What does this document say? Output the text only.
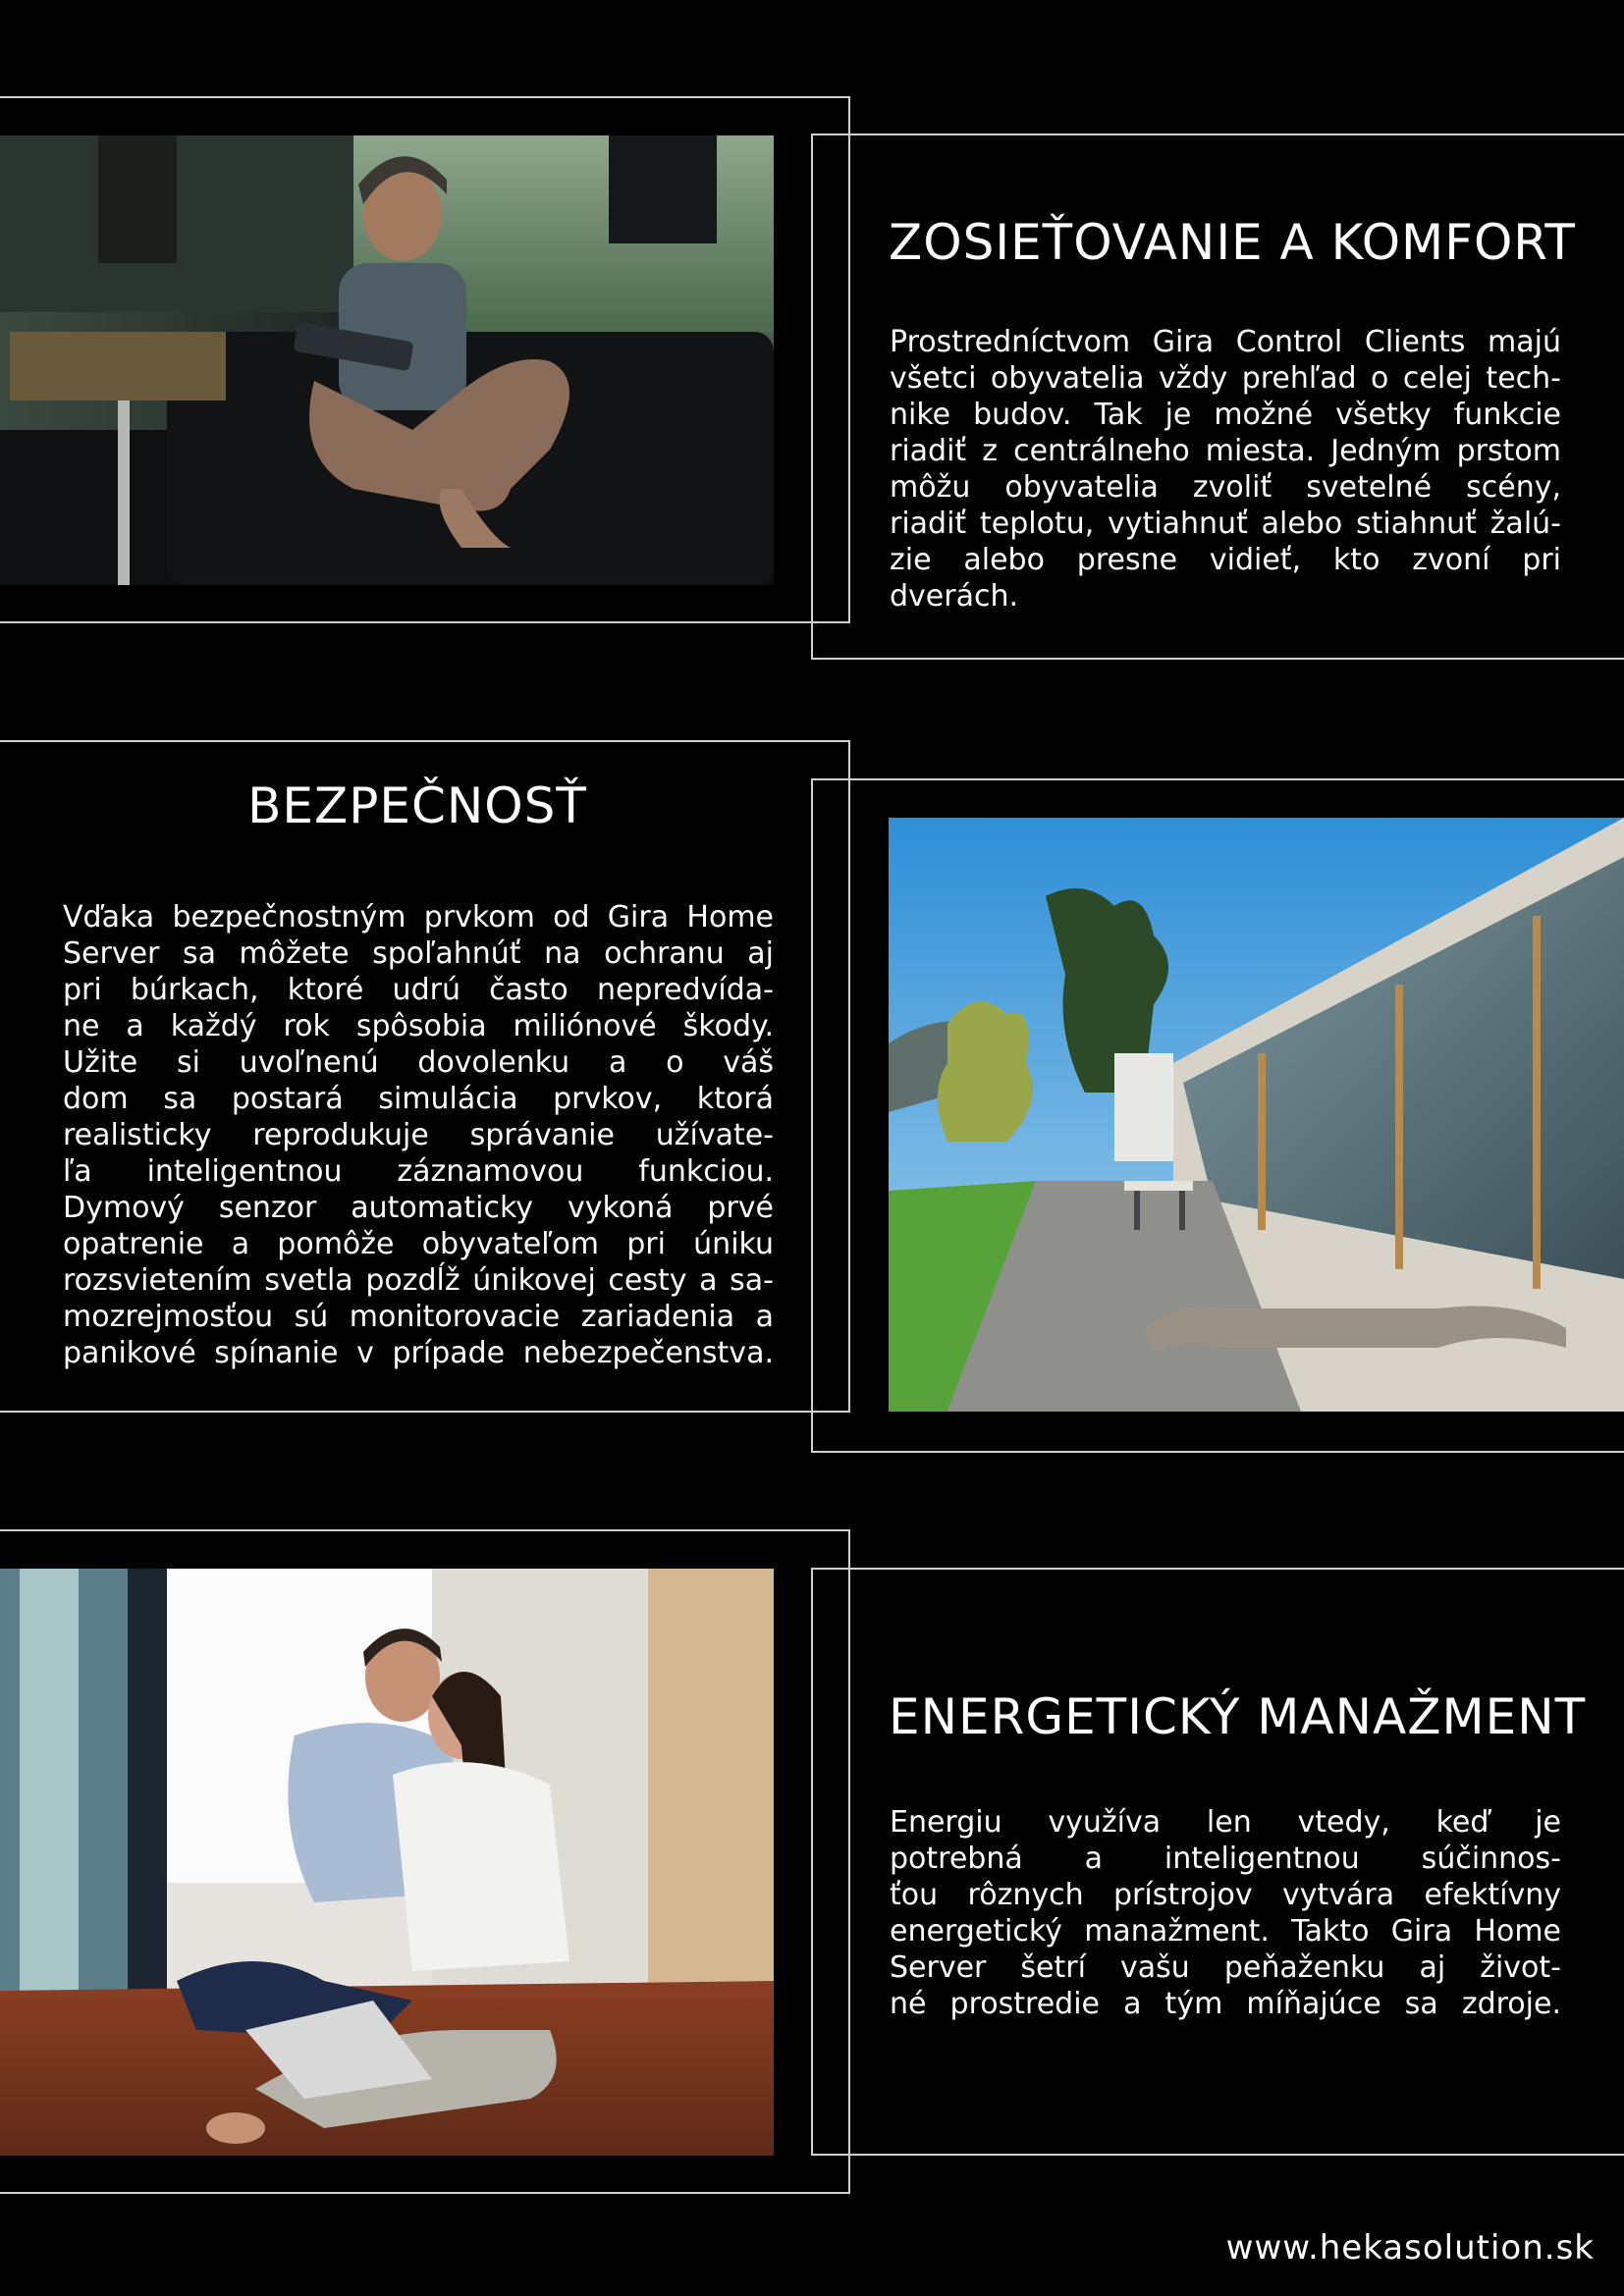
ZOSIEŤOVANIE A KOMFORT
Prostredníctvom Gira Control Clients majú
všetci obyvatelia vždy prehľad o celej tech-
nike budov. Tak je možné všetky funkcie
riadiť z centrálneho miesta. Jedným prstom
môžu obyvatelia zvoliť svetelné scény,
riadiť teplotu, vytiahnuť alebo stiahnuť žalú-
zie alebo presne vidieť, kto zvoní pri dverách.
BEZPEČNOSŤ
Vďaka bezpečnostným prvkom od Gira Home
Server sa môžete spoľahnúť na ochranu aj
pri búrkach, ktoré udrú často nepredvída-
ne a každý rok spôsobia miliónové škody.
Užite si uvoľnenú dovolenku a o váš
dom sa postará simulácia prvkov, ktorá
realisticky reprodukuje správanie užívate-
ľa inteligentnou záznamovou funkciou.
Dymový senzor automaticky vykoná prvé
opatrenie a pomôže obyvateľom pri úniku
rozsvietením svetla pozdĺž únikovej cesty a sa-
mozrejmosťou sú monitorovacie zariadenia a
panikové spínanie v prípade nebezpečenstva.
ENERGETICKÝ MANAŽMENT
Energiu využíva len vtedy, keď je
potrebná a inteligentnou súčinnos-
ťou rôznych prístrojov vytvára efektívny
energetický manažment. Takto Gira Home
Server šetrí vašu peňaženku aj život-
né prostredie a tým míňajúce sa zdroje.
www.hekasolution.sk
